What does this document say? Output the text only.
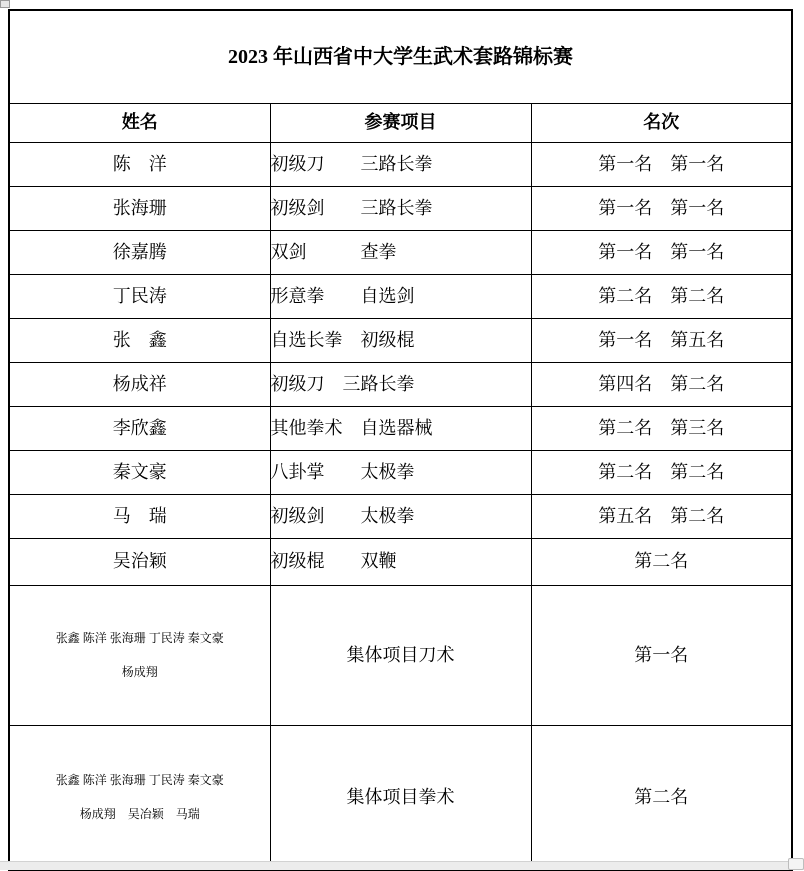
2023 年山西省中大学生武术套路锦标赛		
姓名	参赛项目	名次
陈　洋	初级刀　　三路长拳	第一名　第一名
张海珊	初级剑　　三路长拳	第一名　第一名
徐嘉腾	双剑　　　查拳	第一名　第一名
丁民涛	形意拳　　自选剑	第二名　第二名
张　鑫	自选长拳　初级棍	第一名　第五名
杨成祥	初级刀　三路长拳	第四名　第二名
李欣鑫	其他拳术　自选器械	第二名　第三名
秦文豪	八卦掌　　太极拳	第二名　第二名
马　瑞	初级剑　　太极拳	第五名　第二名
吴治颖	初级棍　　双鞭	第二名

张鑫 陈洋 张海珊 丁民涛 秦文豪
杨成翔	集体项目刀术	第一名

张鑫 陈洋 张海珊 丁民涛 秦文豪
杨成翔　吴冶颖　马瑞	集体项目拳术	第二名
